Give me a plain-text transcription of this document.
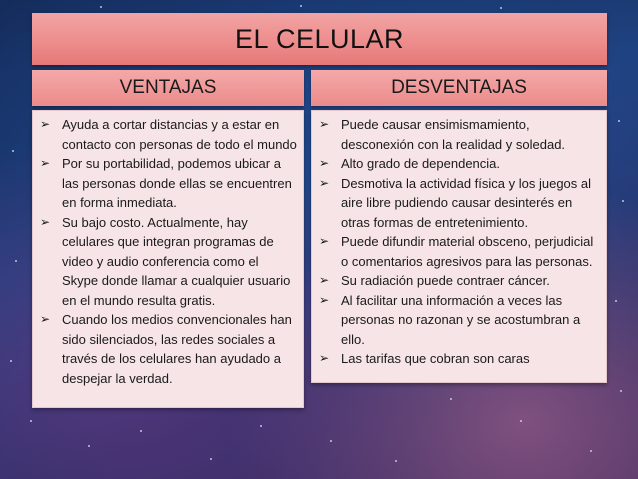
EL CELULAR
VENTAJAS	DESVENTAJAS
➢ Ayuda a cortar distancias y a estar en contacto con personas de todo el mundo
➢ Por su portabilidad, podemos ubicar a las personas donde ellas se encuentren en forma inmediata.
➢ Su bajo costo. Actualmente, hay celulares que integran programas de video y audio conferencia como el Skype donde llamar a cualquier usuario en el mundo resulta gratis.
➢ Cuando los medios convencionales han sido silenciados, las redes sociales a través de los celulares han ayudado a despejar la verdad.
➢ Puede causar ensimismamiento, desconexión con la realidad y soledad.
➢ Alto grado de dependencia.
➢ Desmotiva la actividad física y los juegos al aire libre pudiendo causar desinterés en otras formas de entretenimiento.
➢ Puede difundir material obsceno, perjudicial o comentarios agresivos para las personas.
➢ Su radiación puede contraer cáncer.
➢ Al facilitar una información a veces las personas no razonan y se acostumbran a ello.
➢ Las tarifas que cobran son caras
